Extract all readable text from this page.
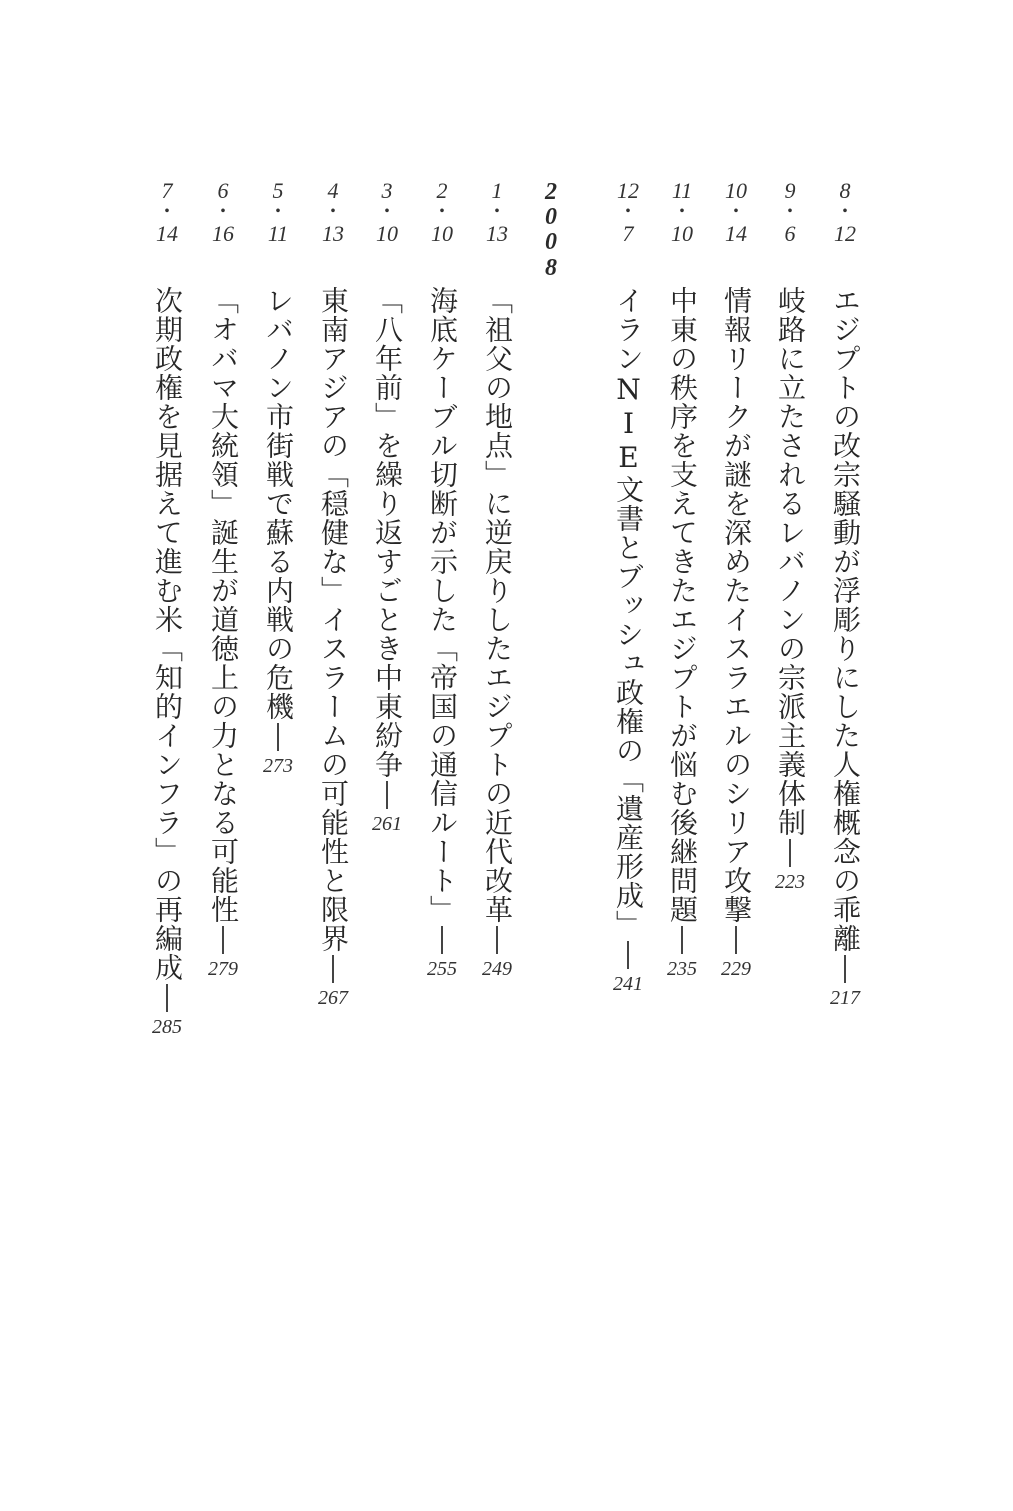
8
・
12
エジプトの改宗騒動が浮彫りにした人権概念の乖離
217
9
・
6
岐路に立たされるレバノンの宗派主義体制
223
10
・
14
情報リークが謎を深めたイスラエルのシリア攻撃
229
11
・
10
中東の秩序を支えてきたエジプトが悩む後継問題
235
12
・
7
イランNIE文書とブッシュ政権の「遺産形成」
241
2
0
0
8
1
・
13
「祖父の地点」に逆戻りしたエジプトの近代改革
249
2
・
10
海底ケーブル切断が示した「帝国の通信ルート」
255
3
・
10
「八年前」を繰り返すごとき中東紛争
261
4
・
13
東南アジアの「穏健な」イスラームの可能性と限界
267
5
・
11
レバノン市街戦で蘇る内戦の危機
273
6
・
16
「オバマ大統領」誕生が道徳上の力となる可能性
279
7
・
14
次期政権を見据えて進む米「知的インフラ」の再編成
285
